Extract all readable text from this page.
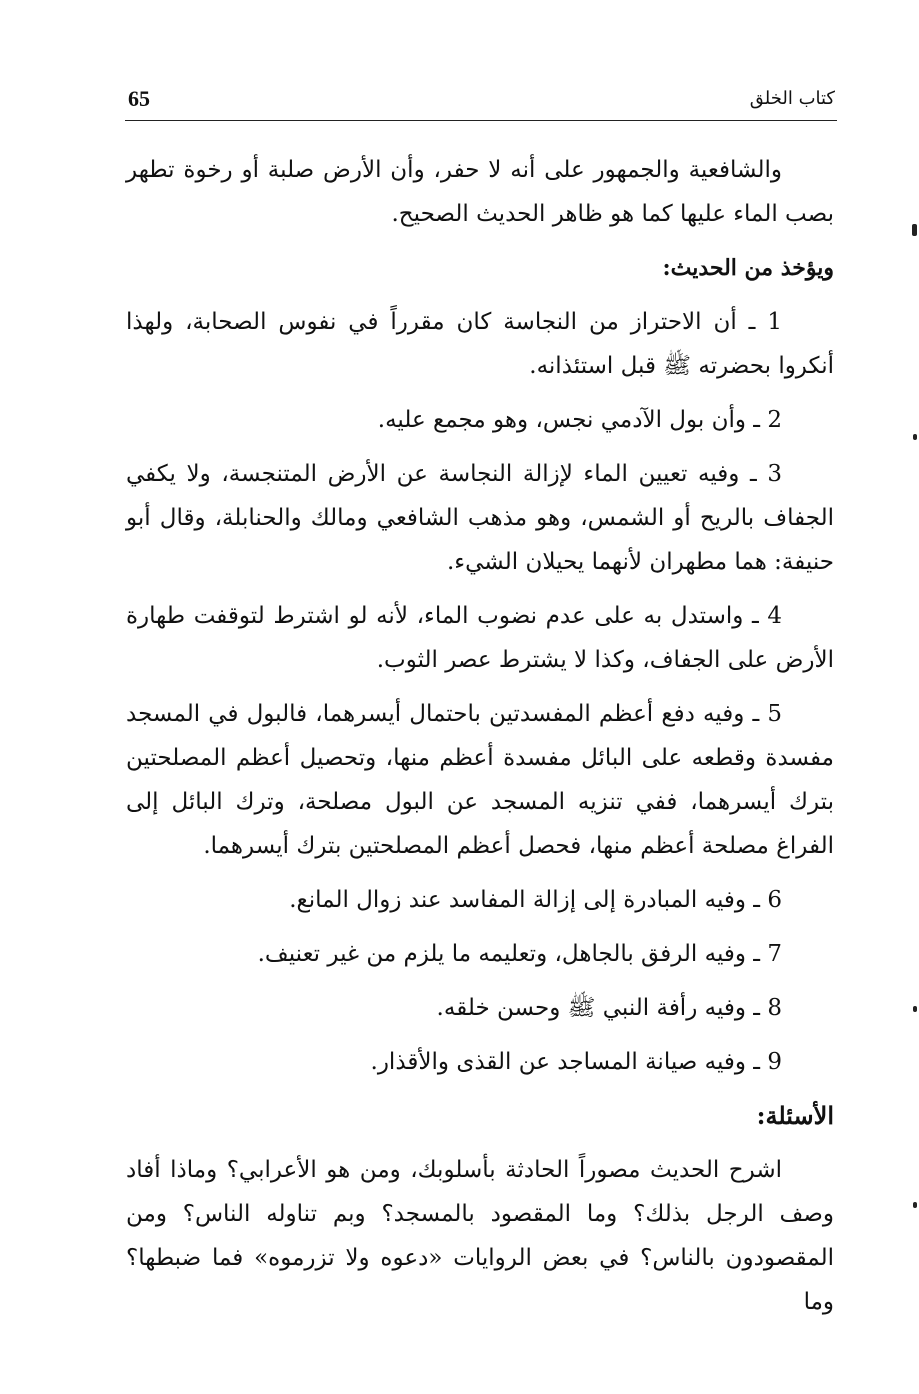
65	كتاب الخلق

والشافعية والجمهور على أنه لا حفر، وأن الأرض صلبة أو رخوة تطهر بصب الماء عليها كما هو ظاهر الحديث الصحيح.

ويؤخذ من الحديث:

1 ـ أن الاحتراز من النجاسة كان مقرراً في نفوس الصحابة، ولهذا أنكروا بحضرته ﷺ قبل استئذانه.

2 ـ وأن بول الآدمي نجس، وهو مجمع عليه.

3 ـ وفيه تعيين الماء لإزالة النجاسة عن الأرض المتنجسة، ولا يكفي الجفاف بالريح أو الشمس، وهو مذهب الشافعي ومالك والحنابلة، وقال أبو حنيفة: هما مطهران لأنهما يحيلان الشيء.

4 ـ واستدل به على عدم نضوب الماء، لأنه لو اشترط لتوقفت طهارة الأرض على الجفاف، وكذا لا يشترط عصر الثوب.

5 ـ وفيه دفع أعظم المفسدتين باحتمال أيسرهما، فالبول في المسجد مفسدة وقطعه على البائل مفسدة أعظم منها، وتحصيل أعظم المصلحتين بترك أيسرهما، ففي تنزيه المسجد عن البول مصلحة، وترك البائل إلى الفراغ مصلحة أعظم منها، فحصل أعظم المصلحتين بترك أيسرهما.

6 ـ وفيه المبادرة إلى إزالة المفاسد عند زوال المانع.

7 ـ وفيه الرفق بالجاهل، وتعليمه ما يلزم من غير تعنيف.

8 ـ وفيه رأفة النبي ﷺ وحسن خلقه.

9 ـ وفيه صيانة المساجد عن القذى والأقذار.

الأسئلة:

اشرح الحديث مصوراً الحادثة بأسلوبك، ومن هو الأعرابي؟ وماذا أفاد وصف الرجل بذلك؟ وما المقصود بالمسجد؟ وبم تناوله الناس؟ ومن المقصودون بالناس؟ في بعض الروايات «دعوه ولا تزرموه» فما ضبطها؟ وما
